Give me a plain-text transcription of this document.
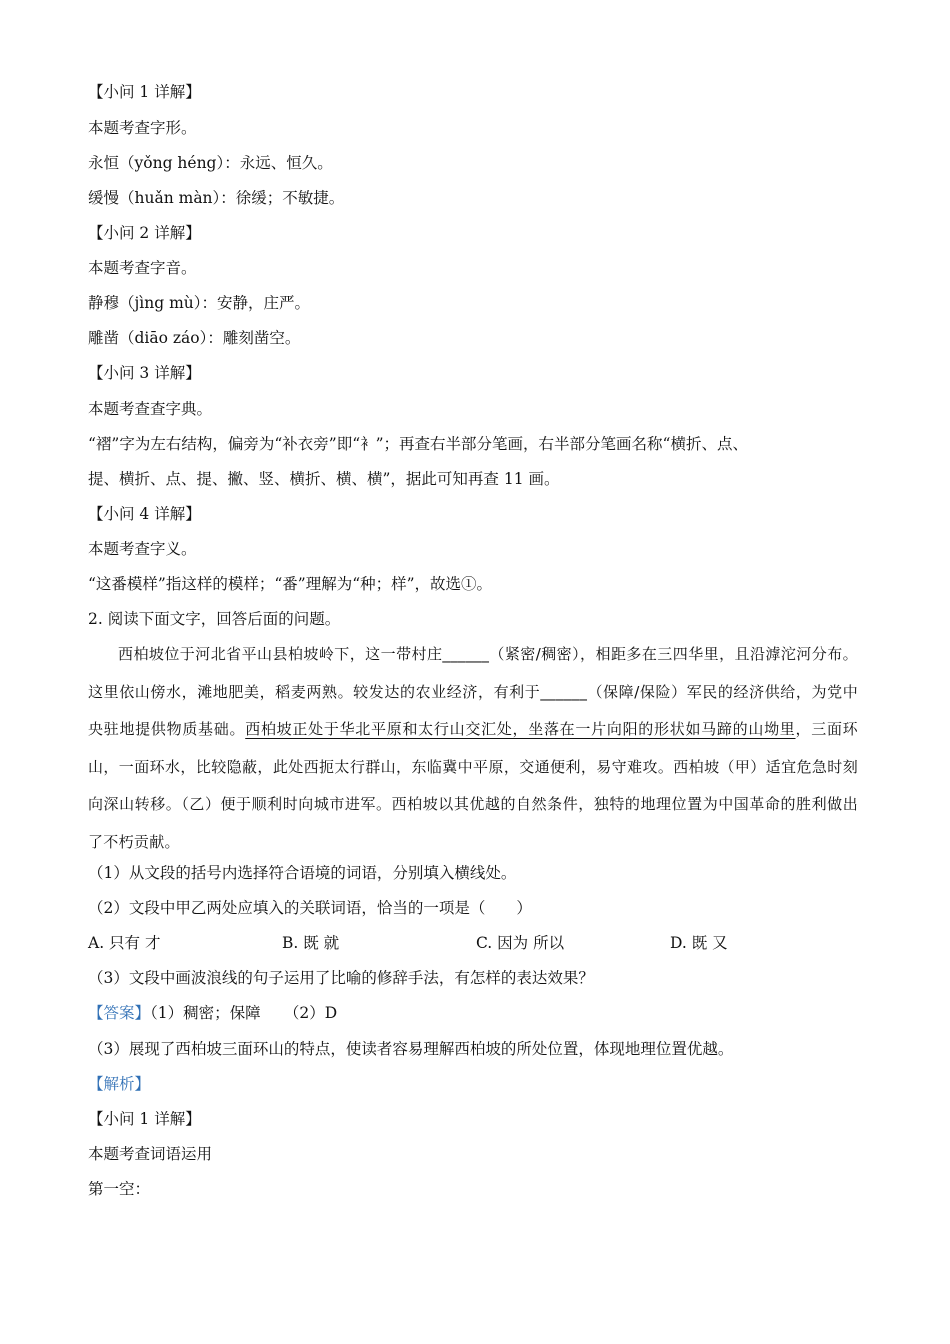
【小问 1 详解】
本题考查字形。
永恒（yǒng héng）：永远、恒久。
缓慢（huǎn màn）：徐缓；不敏捷。
【小问 2 详解】
本题考查字音。
静穆（jìng mù）：安静，庄严。
雕凿（diāo záo）：雕刻凿空。
【小问 3 详解】
本题考查查字典。
“褶”字为左右结构，偏旁为“补衣旁”即“衤”；再查右半部分笔画，右半部分笔画名称“横折、点、
提、横折、点、提、撇、竖、横折、横、横”，据此可知再查 11 画。
【小问 4 详解】
本题考查字义。
“这番模样”指这样的模样；“番”理解为“种；样”，故选①。
2. 阅读下面文字，回答后面的问题。

西柏坡位于河北省平山县柏坡岭下，这一带村庄______（紧密/稠密），相距多在三四华里，且沿滹沱河分布。这里依山傍水，滩地肥美，稻麦两熟。较发达的农业经济，有利于______（保障/保险）军民的经济供给，为党中央驻地提供物质基础。西柏坡正处于华北平原和太行山交汇处，坐落在一片向阳的形状如马蹄的山坳里，三面环山，一面环水，比较隐蔽，此处西扼太行群山，东临冀中平原，交通便利，易守难攻。西柏坡（甲）适宜危急时刻向深山转移。（乙）便于顺利时向城市进军。西柏坡以其优越的自然条件，独特的地理位置为中国革命的胜利做出了不朽贡献。

（1）从文段的括号内选择符合语境的词语，分别填入横线处。
（2）文段中甲乙两处应填入的关联词语，恰当的一项是（　　）
A. 只有 才	B. 既 就	C. 因为 所以	D. 既 又
（3）文段中画波浪线的句子运用了比喻的修辞手法，有怎样的表达效果？
【答案】（1）稠密；保障　　（2）D
（3）展现了西柏坡三面环山的特点，使读者容易理解西柏坡的所处位置，体现地理位置优越。
【解析】
【小问 1 详解】
本题考查词语运用
第一空：
